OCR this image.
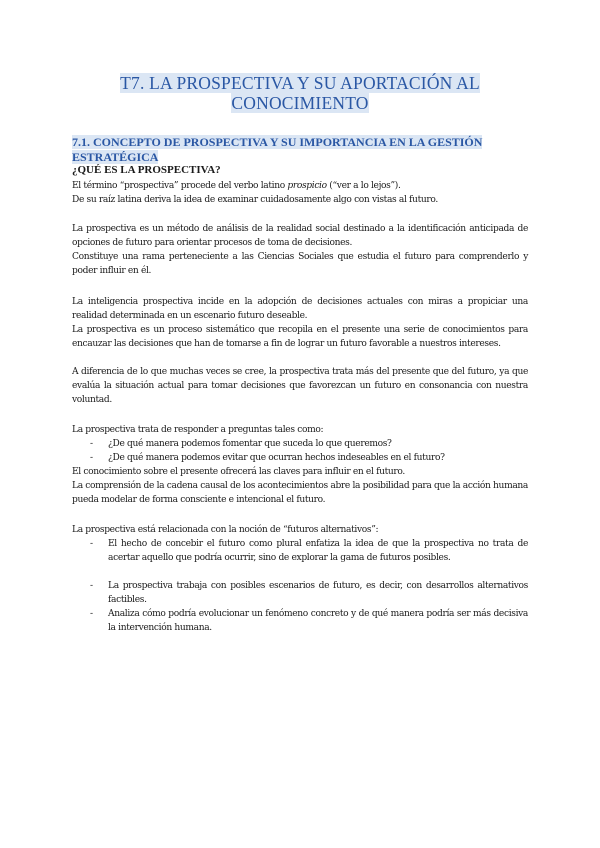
T7. LA PROSPECTIVA Y SU APORTACIÓN AL
CONOCIMIENTO
7.1. CONCEPTO DE PROSPECTIVA Y SU IMPORTANCIA EN LA GESTIÓN
ESTRATÉGICA
¿QUÉ ES LA PROSPECTIVA?
El término “prospectiva” procede del verbo latino prospicio (“ver a lo lejos”).
De su raíz latina deriva la idea de examinar cuidadosamente algo con vistas al futuro.
La prospectiva es un método de análisis de la realidad social destinado a la identificación anticipada de opciones de futuro para orientar procesos de toma de decisiones.
Constituye una rama perteneciente a las Ciencias Sociales que estudia el futuro para comprenderlo y poder influir en él.
La inteligencia prospectiva incide en la adopción de decisiones actuales con miras a propiciar una realidad determinada en un escenario futuro deseable.
La prospectiva es un proceso sistemático que recopila en el presente una serie de conocimientos para encauzar las decisiones que han de tomarse a fin de lograr un futuro favorable a nuestros intereses.
A diferencia de lo que muchas veces se cree, la prospectiva trata más del presente que del futuro, ya que evalúa la situación actual para tomar decisiones que favorezcan un futuro en consonancia con nuestra voluntad.
La prospectiva trata de responder a preguntas tales como:
- ¿De qué manera podemos fomentar que suceda lo que queremos?
- ¿De qué manera podemos evitar que ocurran hechos indeseables en el futuro?
El conocimiento sobre el presente ofrecerá las claves para influir en el futuro.
La comprensión de la cadena causal de los acontecimientos abre la posibilidad para que la acción humana pueda modelar de forma consciente e intencional el futuro.
La prospectiva está relacionada con la noción de “futuros alternativos”:
- El hecho de concebir el futuro como plural enfatiza la idea de que la prospectiva no trata de acertar aquello que podría ocurrir, sino de explorar la gama de futuros posibles.
- La prospectiva trabaja con posibles escenarios de futuro, es decir, con desarrollos alternativos factibles.
- Analiza cómo podría evolucionar un fenómeno concreto y de qué manera podría ser más decisiva la intervención humana.
